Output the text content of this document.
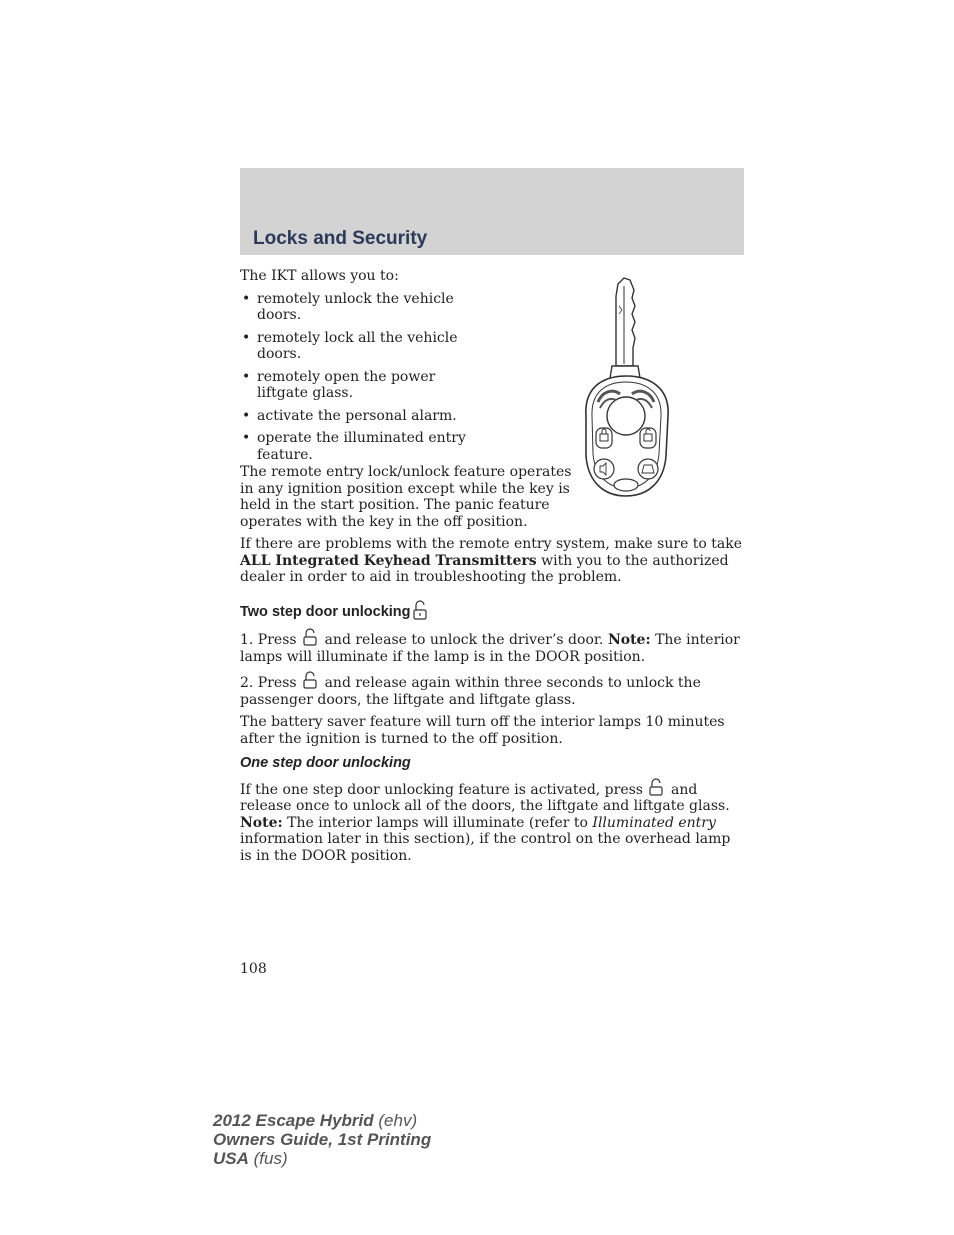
Locks and Security

The IKT allows you to:

• remotely unlock the vehicle doors.
• remotely lock all the vehicle doors.
• remotely open the power liftgate glass.
• activate the personal alarm.
• operate the illuminated entry feature.

The remote entry lock/unlock feature operates in any ignition position except while the key is held in the start position. The panic feature operates with the key in the off position.

If there are problems with the remote entry system, make sure to take ALL Integrated Keyhead Transmitters with you to the authorized dealer in order to aid in troubleshooting the problem.

Two step door unlocking

1. Press and release to unlock the driver’s door. Note: The interior lamps will illuminate if the lamp is in the DOOR position.

2. Press and release again within three seconds to unlock the passenger doors, the liftgate and liftgate glass.

The battery saver feature will turn off the interior lamps 10 minutes after the ignition is turned to the off position.

One step door unlocking

If the one step door unlocking feature is activated, press and release once to unlock all of the doors, the liftgate and liftgate glass. Note: The interior lamps will illuminate (refer to Illuminated entry information later in this section), if the control on the overhead lamp is in the DOOR position.

108
2012 Escape Hybrid (ehv)
Owners Guide, 1st Printing
USA (fus)
